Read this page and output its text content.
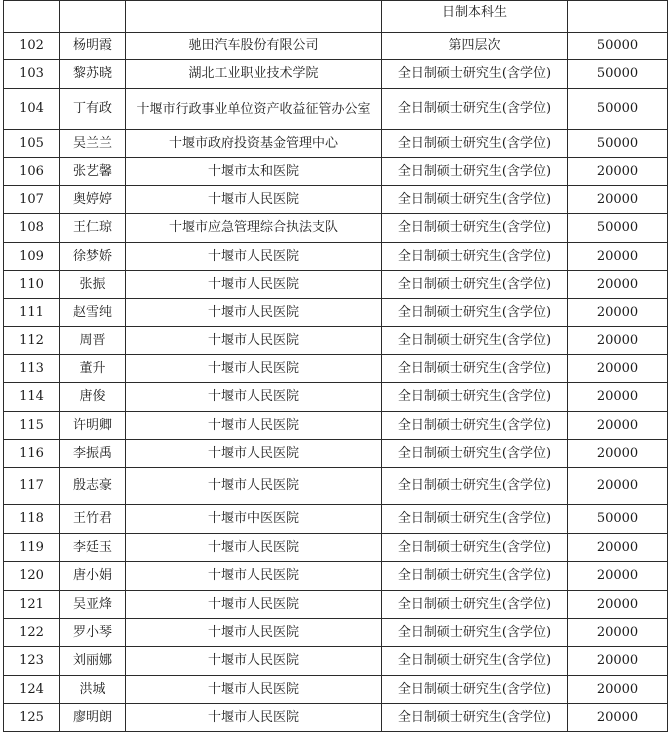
			日制本科生	
102	杨明霞	驰田汽车股份有限公司	第四层次	50000
103	黎苏晓	湖北工业职业技术学院	全日制硕士研究生(含学位)	50000
104	丁有政	十堰市行政事业单位资产收益征管办公室	全日制硕士研究生(含学位)	50000
105	吴兰兰	十堰市政府投资基金管理中心	全日制硕士研究生(含学位)	50000
106	张艺馨	十堰市太和医院	全日制硕士研究生(含学位)	20000
107	奥婷婷	十堰市人民医院	全日制硕士研究生(含学位)	20000
108	王仁琼	十堰市应急管理综合执法支队	全日制硕士研究生(含学位)	50000
109	徐梦娇	十堰市人民医院	全日制硕士研究生(含学位)	20000
110	张振	十堰市人民医院	全日制硕士研究生(含学位)	20000
111	赵雪纯	十堰市人民医院	全日制硕士研究生(含学位)	20000
112	周晋	十堰市人民医院	全日制硕士研究生(含学位)	20000
113	董升	十堰市人民医院	全日制硕士研究生(含学位)	20000
114	唐俊	十堰市人民医院	全日制硕士研究生(含学位)	20000
115	许明卿	十堰市人民医院	全日制硕士研究生(含学位)	20000
116	李振禹	十堰市人民医院	全日制硕士研究生(含学位)	20000
117	殷志豪	十堰市人民医院	全日制硕士研究生(含学位)	20000
118	王竹君	十堰市中医医院	全日制硕士研究生(含学位)	50000
119	李廷玉	十堰市人民医院	全日制硕士研究生(含学位)	20000
120	唐小娟	十堰市人民医院	全日制硕士研究生(含学位)	20000
121	吴亚烽	十堰市人民医院	全日制硕士研究生(含学位)	20000
122	罗小琴	十堰市人民医院	全日制硕士研究生(含学位)	20000
123	刘丽娜	十堰市人民医院	全日制硕士研究生(含学位)	20000
124	洪城	十堰市人民医院	全日制硕士研究生(含学位)	20000
125	廖明朗	十堰市人民医院	全日制硕士研究生(含学位)	20000
